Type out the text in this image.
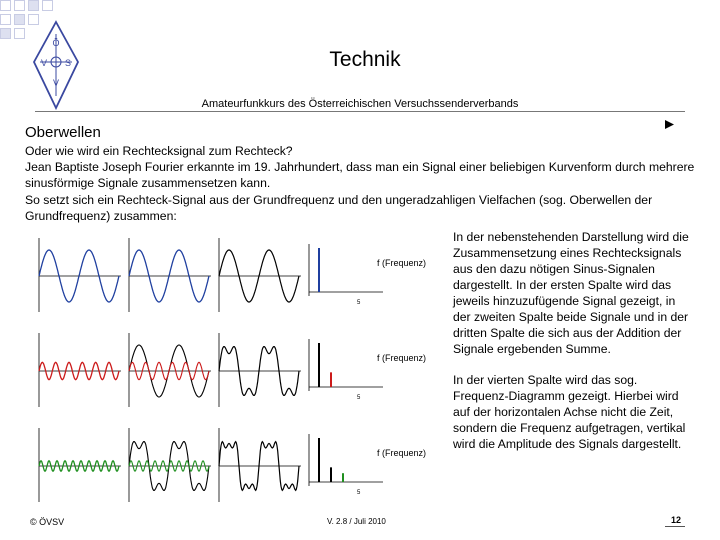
Ö
V S
V
Technik
Amateurfunkkurs des Österreichischen Versuchssenderverbands
Oberwellen

Oder wie wird ein Rechtecksignal zum Rechteck?

Jean Baptiste Joseph Fourier erkannte im 19. Jahrhundert, dass man ein Signal einer beliebigen Kurvenform durch mehrere sinusförmige Signale zusammensetzen kann.

So setzt sich ein Rechteck-Signal aus der Grundfrequenz und den ungeradzahligen Vielfachen (sog. Oberwellen der Grundfrequenz) zusammen:

f (Frequenz)
5
f (Frequenz)
5
f (Frequenz)
5

In der nebenstehenden Darstellung wird die Zusammensetzung eines Rechtecksignals aus den dazu nötigen Sinus-Signalen dargestellt. In der ersten Spalte wird das jeweils hinzuzufügende Signal gezeigt, in der zweiten Spalte beide Signale und in der dritten Spalte die sich aus der Addition der Signale ergebenden Summe.

In der vierten Spalte wird das sog. Frequenz-Diagramm gezeigt. Hierbei wird auf der horizontalen Achse nicht die Zeit, sondern die Frequenz aufgetragen, vertikal wird die Amplitude des Signals dargestellt.

© ÖVSV	V. 2.8 / Juli 2010	12
